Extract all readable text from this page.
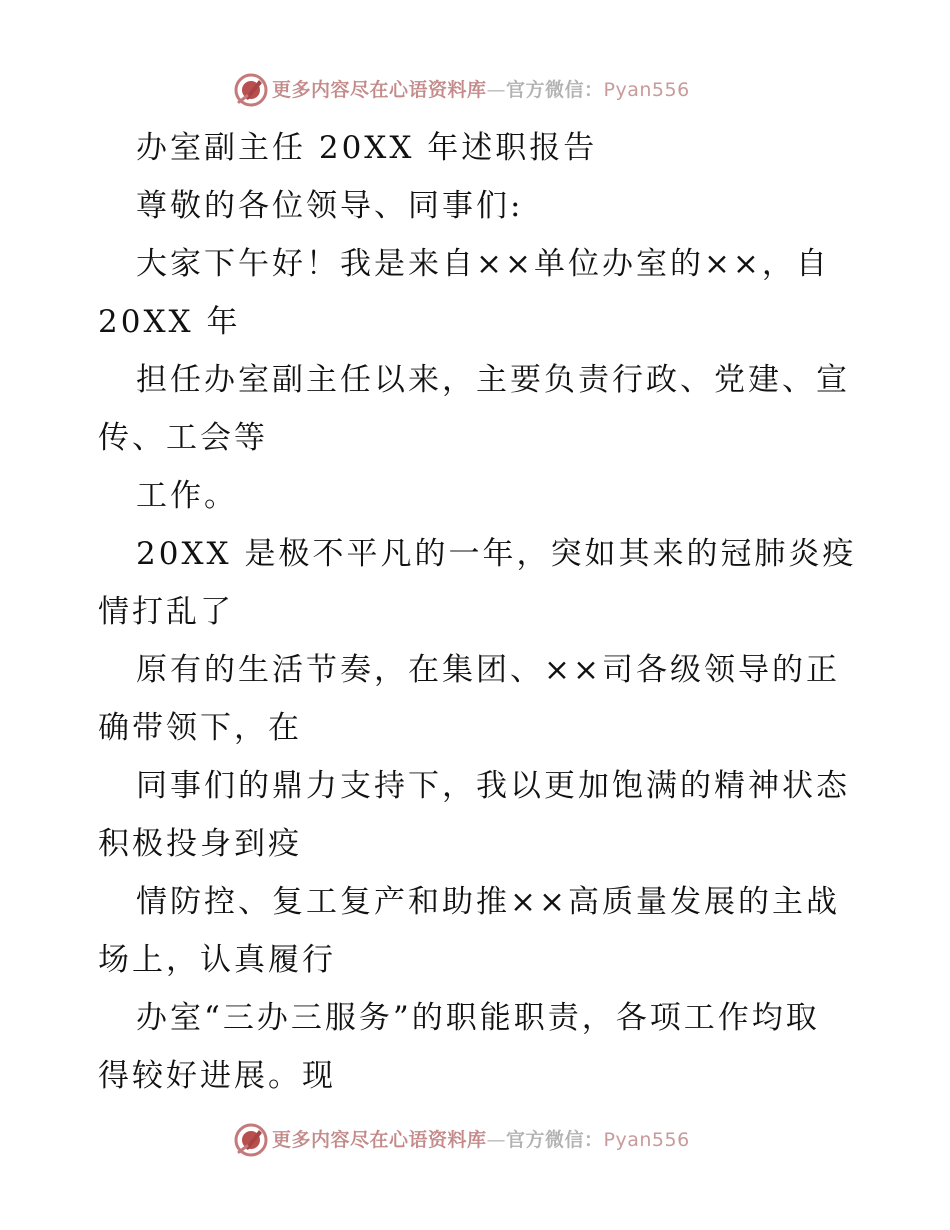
更多内容尽在心语资料库—官方微信：Pyan556
办室副主任 20XX 年述职报告
尊敬的各位领导、同事们:
大家下午好！我是来自××单位办室的××，自
20XX 年
担任办室副主任以来，主要负责行政、党建、宣
传、工会等
工作。
20XX 是极不平凡的一年，突如其来的冠肺炎疫
情打乱了
原有的生活节奏，在集团、××司各级领导的正
确带领下，在
同事们的鼎力支持下，我以更加饱满的精神状态
积极投身到疫
情防控、复工复产和助推××高质量发展的主战
场上，认真履行
办室“三办三服务”的职能职责，各项工作均取
得较好进展。现
更多内容尽在心语资料库—官方微信：Pyan556
